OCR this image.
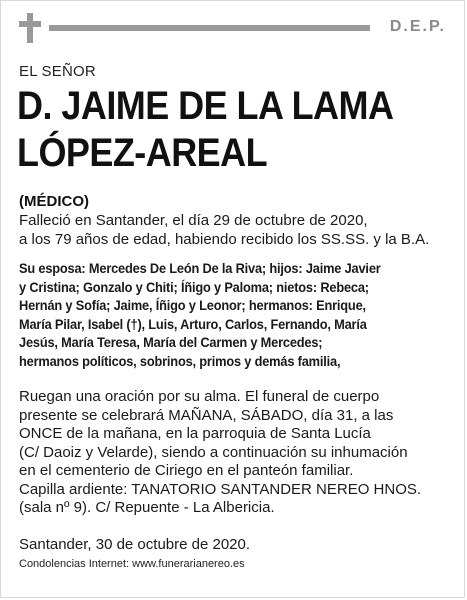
D.E.P.
EL SEÑOR
D. JAIME DE LA LAMA
LÓPEZ-AREAL
(MÉDICO)
Falleció en Santander, el día 29 de octubre de 2020,
a los 79 años de edad, habiendo recibido los SS.SS. y la B.A.
Su esposa: Mercedes De León De la Riva; hijos: Jaime Javier
y Cristina; Gonzalo y Chiti; Íñigo y Paloma; nietos: Rebeca;
Hernán y Sofía; Jaime, Íñigo y Leonor; hermanos: Enrique,
María Pilar, Isabel (†), Luis, Arturo, Carlos, Fernando, María
Jesús, María Teresa, María del Carmen y Mercedes;
hermanos políticos, sobrinos, primos y demás familia,
Ruegan una oración por su alma. El funeral de cuerpo
presente se celebrará MAÑANA, SÁBADO, día 31, a las
ONCE de la mañana, en la parroquia de Santa Lucía
(C/ Daoiz y Velarde), siendo a continuación su inhumación
en el cementerio de Ciriego en el panteón familiar.
Capilla ardiente: TANATORIO SANTANDER NEREO HNOS.
(sala nº 9). C/ Repuente - La Albericia.
Santander, 30 de octubre de 2020.
Condolencias Internet: www.funerarianereo.es
